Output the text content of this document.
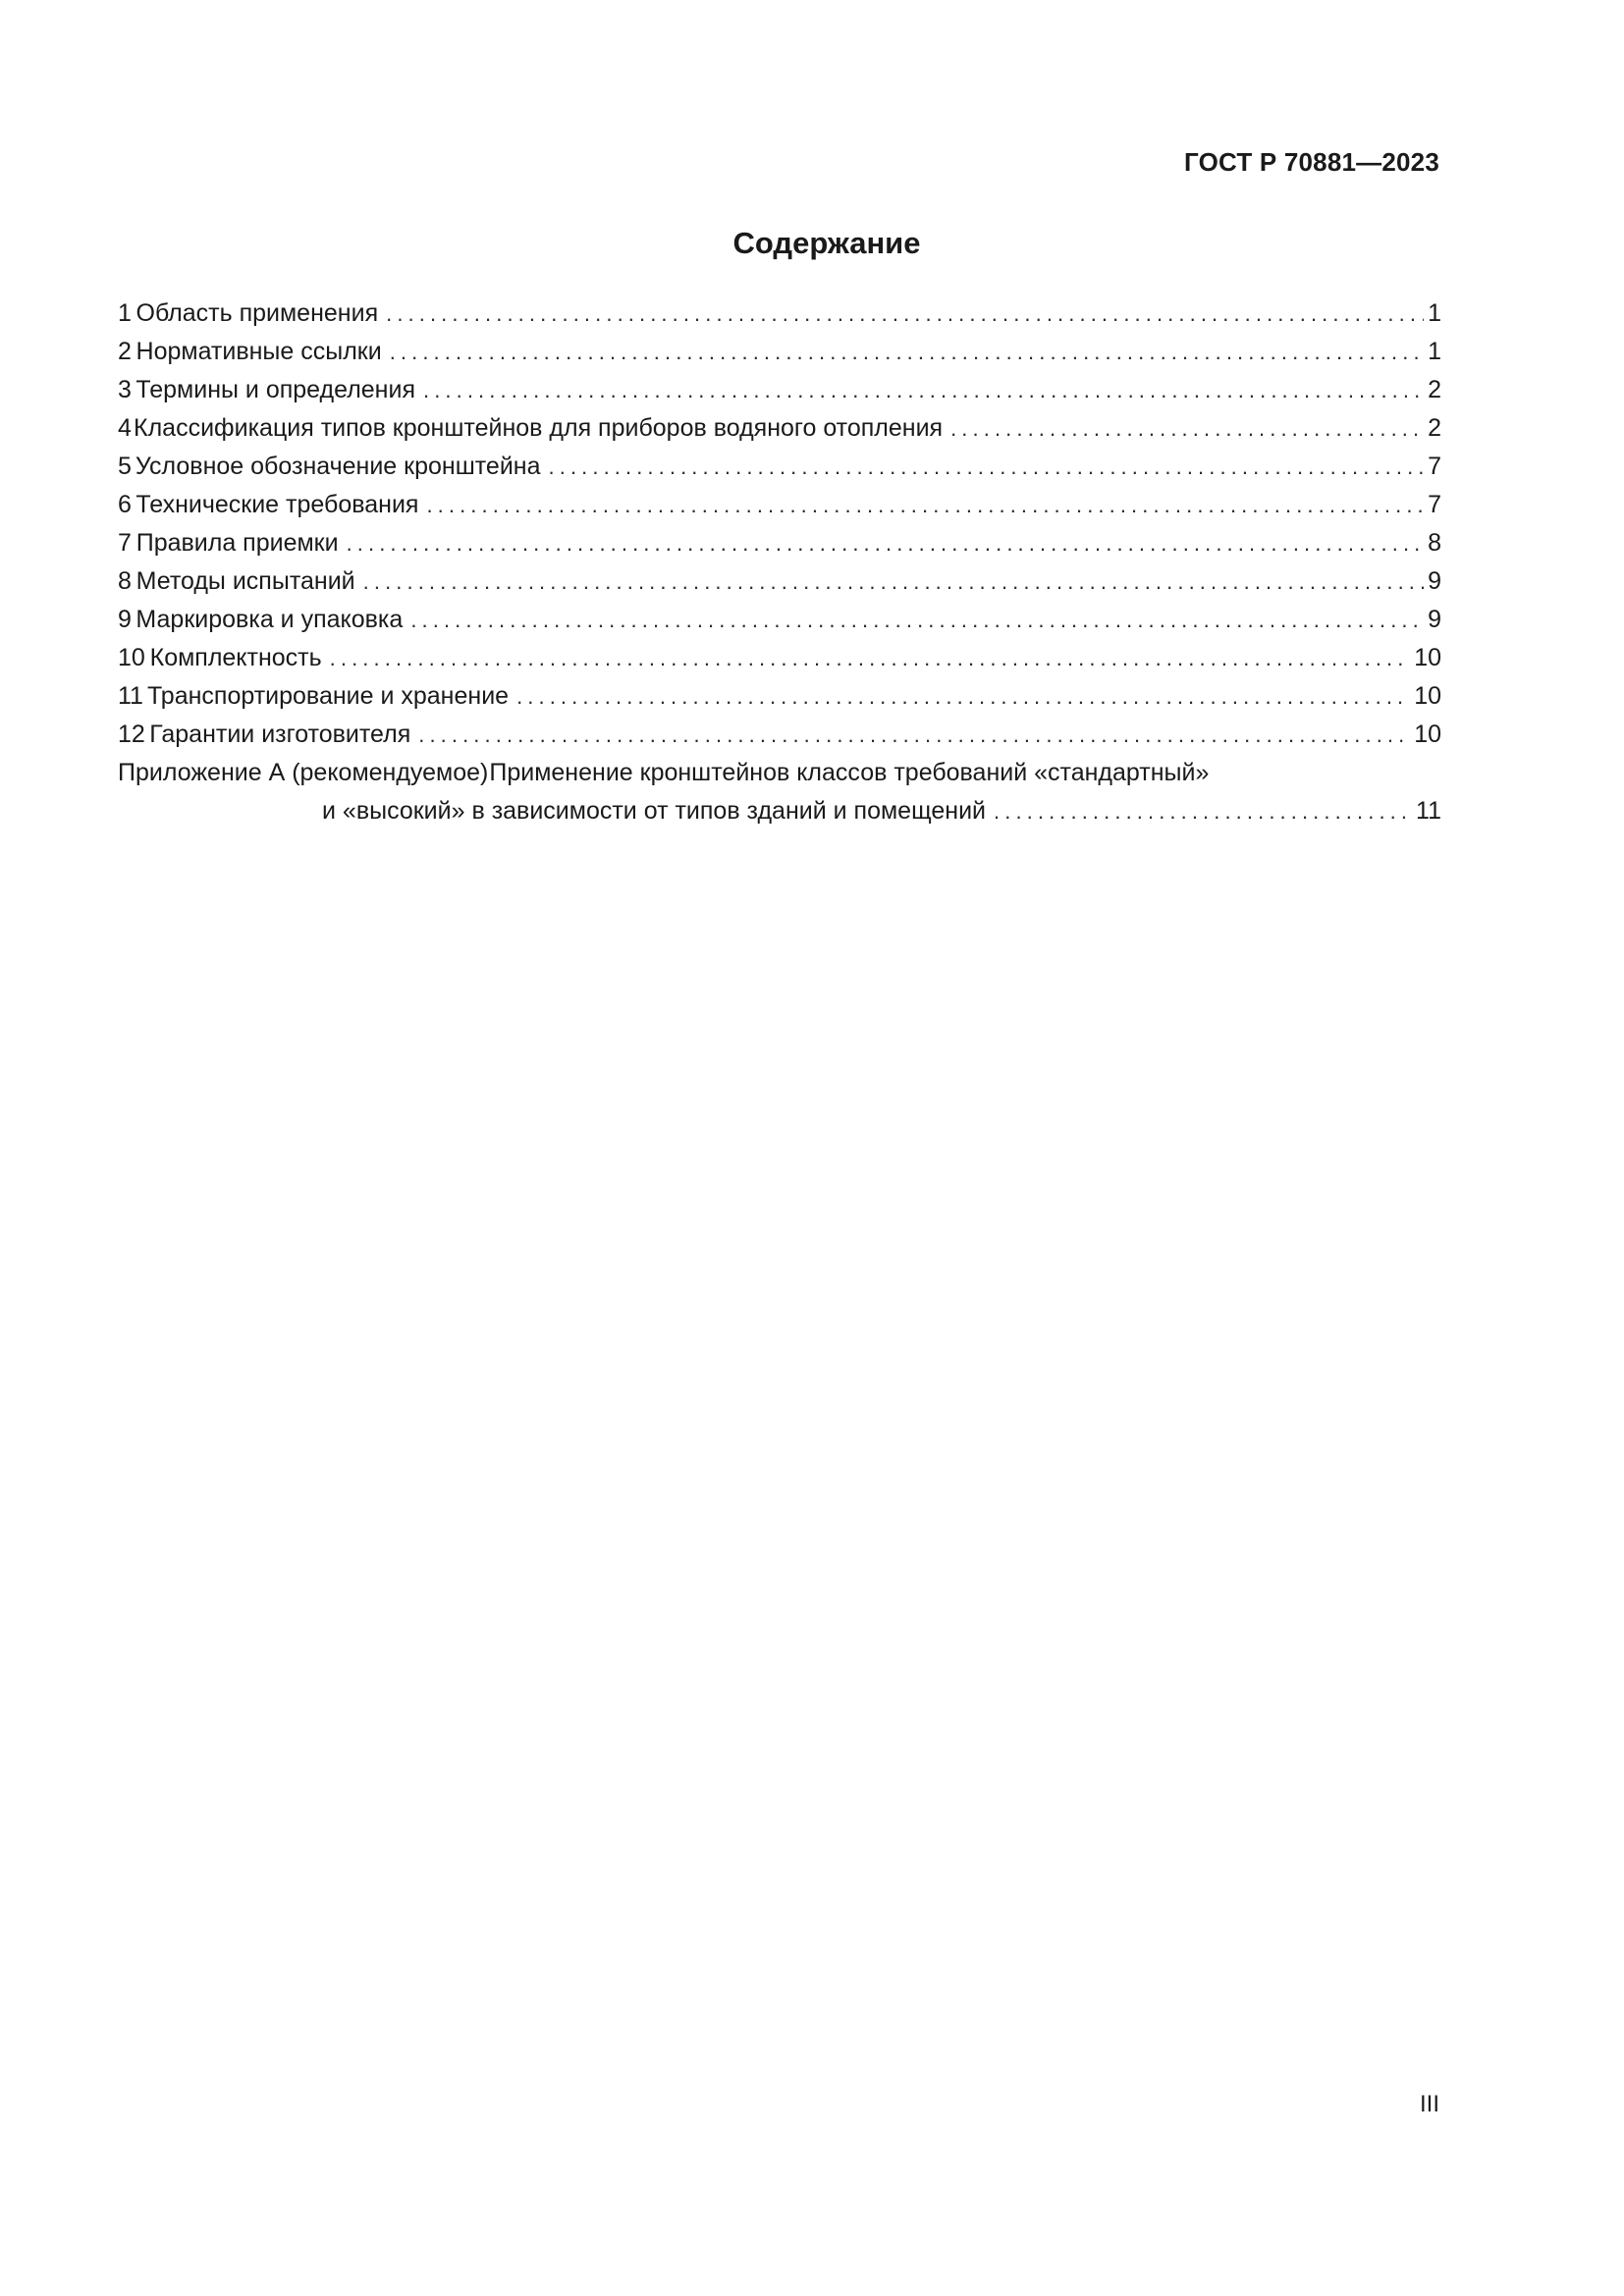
ГОСТ Р 70881—2023
Содержание
1 Область применения .....	1
2 Нормативные ссылки .....	1
3 Термины и определения .....	2
4 Классификация типов кронштейнов для приборов водяного отопления .....	2
5 Условное обозначение кронштейна .....	7
6 Технические требования .....	7
7 Правила приемки .....	8
8 Методы испытаний .....	9
9 Маркировка и упаковка .....	9
10 Комплектность .....	10
11 Транспортирование и хранение .....	10
12 Гарантии изготовителя .....	10
Приложение А (рекомендуемое) Применение кронштейнов классов требований «стандартный»
и «высокий» в зависимости от типов зданий и помещений .....	11
III
